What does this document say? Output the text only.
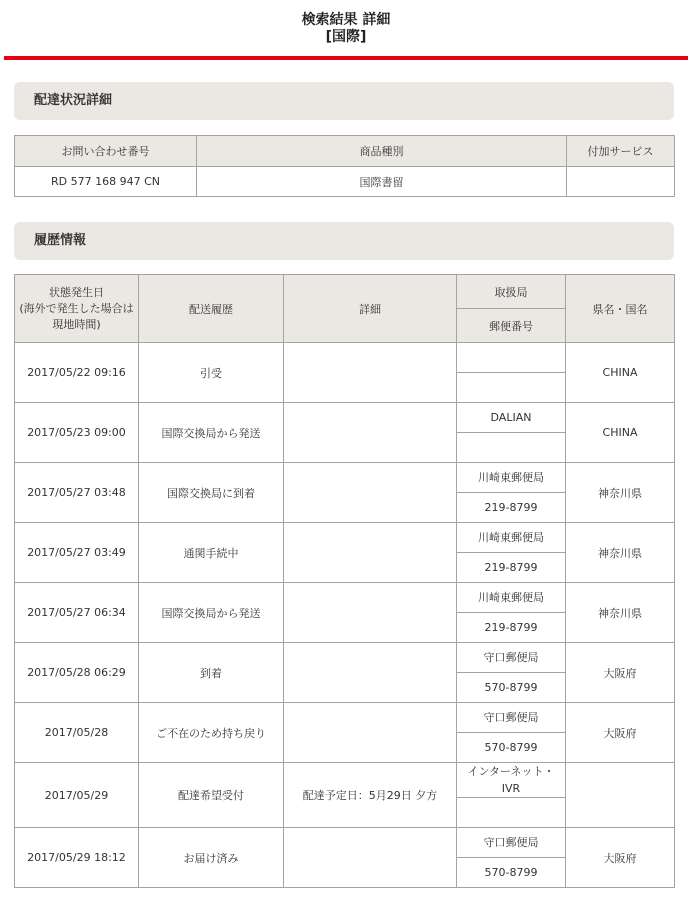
検索結果 詳細
[国際]
配達状況詳細
お問い合わせ番号	商品種別	付加サービス
RD 577 168 947 CN	国際書留	
履歴情報
状態発生日
(海外で発生した場合は現地時間)	配送履歴	詳細	取扱局	県名・国名
			郵便番号	
2017/05/22 09:16	引受			CHINA

2017/05/23 09:00	国際交換局から発送		DALIAN	CHINA

2017/05/27 03:48	国際交換局に到着		川崎東郵便局	神奈川県
			219-8799	
2017/05/27 03:49	通関手続中		川崎東郵便局	神奈川県
			219-8799	
2017/05/27 06:34	国際交換局から発送		川崎東郵便局	神奈川県
			219-8799	
2017/05/28 06:29	到着		守口郵便局	大阪府
			570-8799	
2017/05/28	ご不在のため持ち戻り		守口郵便局	大阪府
			570-8799	
2017/05/29	配達希望受付	配達予定日：5月29日 夕方	インターネット・
IVR	

2017/05/29 18:12	お届け済み		守口郵便局	大阪府
			570-8799	
